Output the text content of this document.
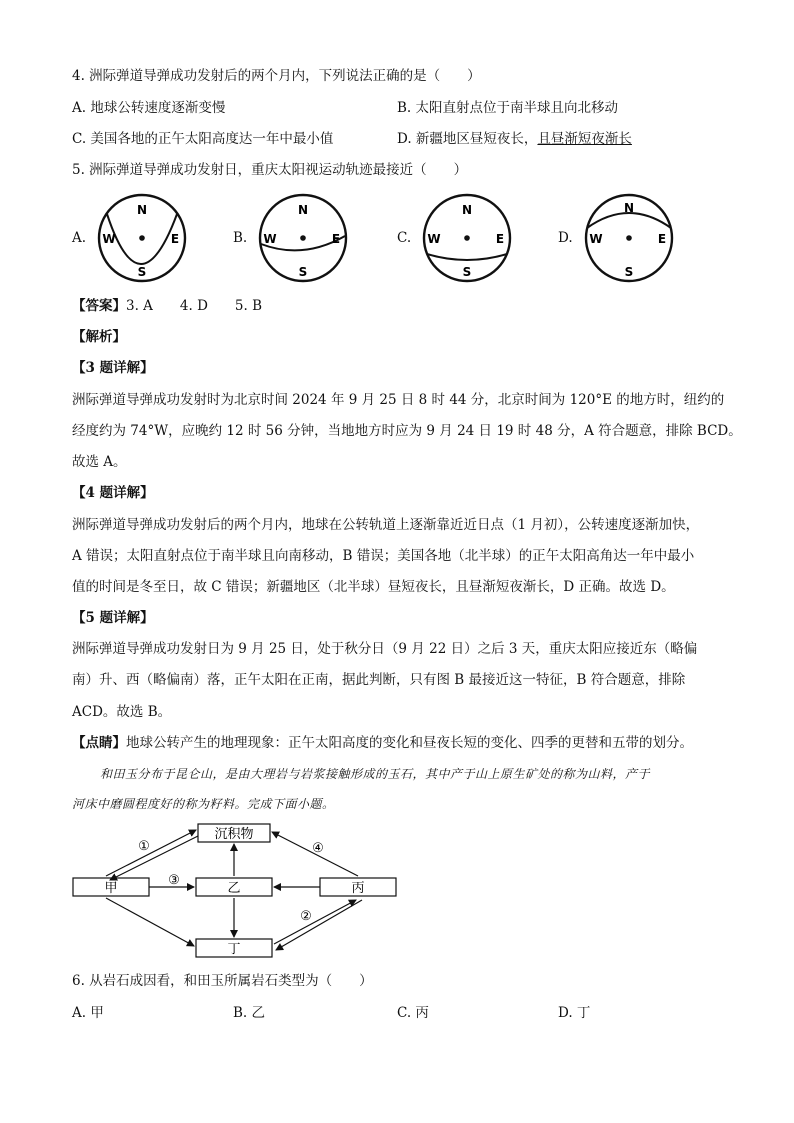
4. 洲际弹道导弹成功发射后的两个月内，下列说法正确的是（　　）
A. 地球公转速度逐渐变慢	B. 太阳直射点位于南半球且向北移动
C. 美国各地的正午太阳高度达一年中最小值	D. 新疆地区昼短夜长，且昼渐短夜渐长
5. 洲际弹道导弹成功发射日，重庆太阳视运动轨迹最接近（　　）
A.
N
S
W	E	B.
N
S
W	E	C.
N
S
W	E	D.
N
S
W	E
【答案】3. A　　4. D　　5. B
【解析】
【3 题详解】
洲际弹道导弹成功发射时为北京时间 2024 年 9 月 25 日 8 时 44 分，北京时间为 120°E 的地方时，纽约的
经度约为 74°W，应晚约 12 时 56 分钟，当地地方时应为 9 月 24 日 19 时 48 分，A 符合题意，排除 BCD。
故选 A。
【4 题详解】
洲际弹道导弹成功发射后的两个月内，地球在公转轨道上逐渐靠近近日点（1 月初），公转速度逐渐加快，
A 错误；太阳直射点位于南半球且向南移动，B 错误；美国各地（北半球）的正午太阳高角达一年中最小
值的时间是冬至日，故 C 错误；新疆地区（北半球）昼短夜长，且昼渐短夜渐长，D 正确。故选 D。
【5 题详解】
洲际弹道导弹成功发射日为 9 月 25 日，处于秋分日（9 月 22 日）之后 3 天，重庆太阳应接近东（略偏
南）升、西（略偏南）落，正午太阳在正南，据此判断，只有图 B 最接近这一特征，B 符合题意，排除
ACD。故选 B。
【点睛】地球公转产生的地理现象：正午太阳高度的变化和昼夜长短的变化、四季的更替和五带的划分。
和田玉分布于昆仑山，是由大理岩与岩浆接触形成的玉石，其中产于山上原生矿处的称为山料，产于
河床中磨圆程度好的称为籽料。完成下面小题。
沉积物
甲	乙	丙
丁
①	④
③
②
6. 从岩石成因看，和田玉所属岩石类型为（　　）
A. 甲	B. 乙	C. 丙	D. 丁
